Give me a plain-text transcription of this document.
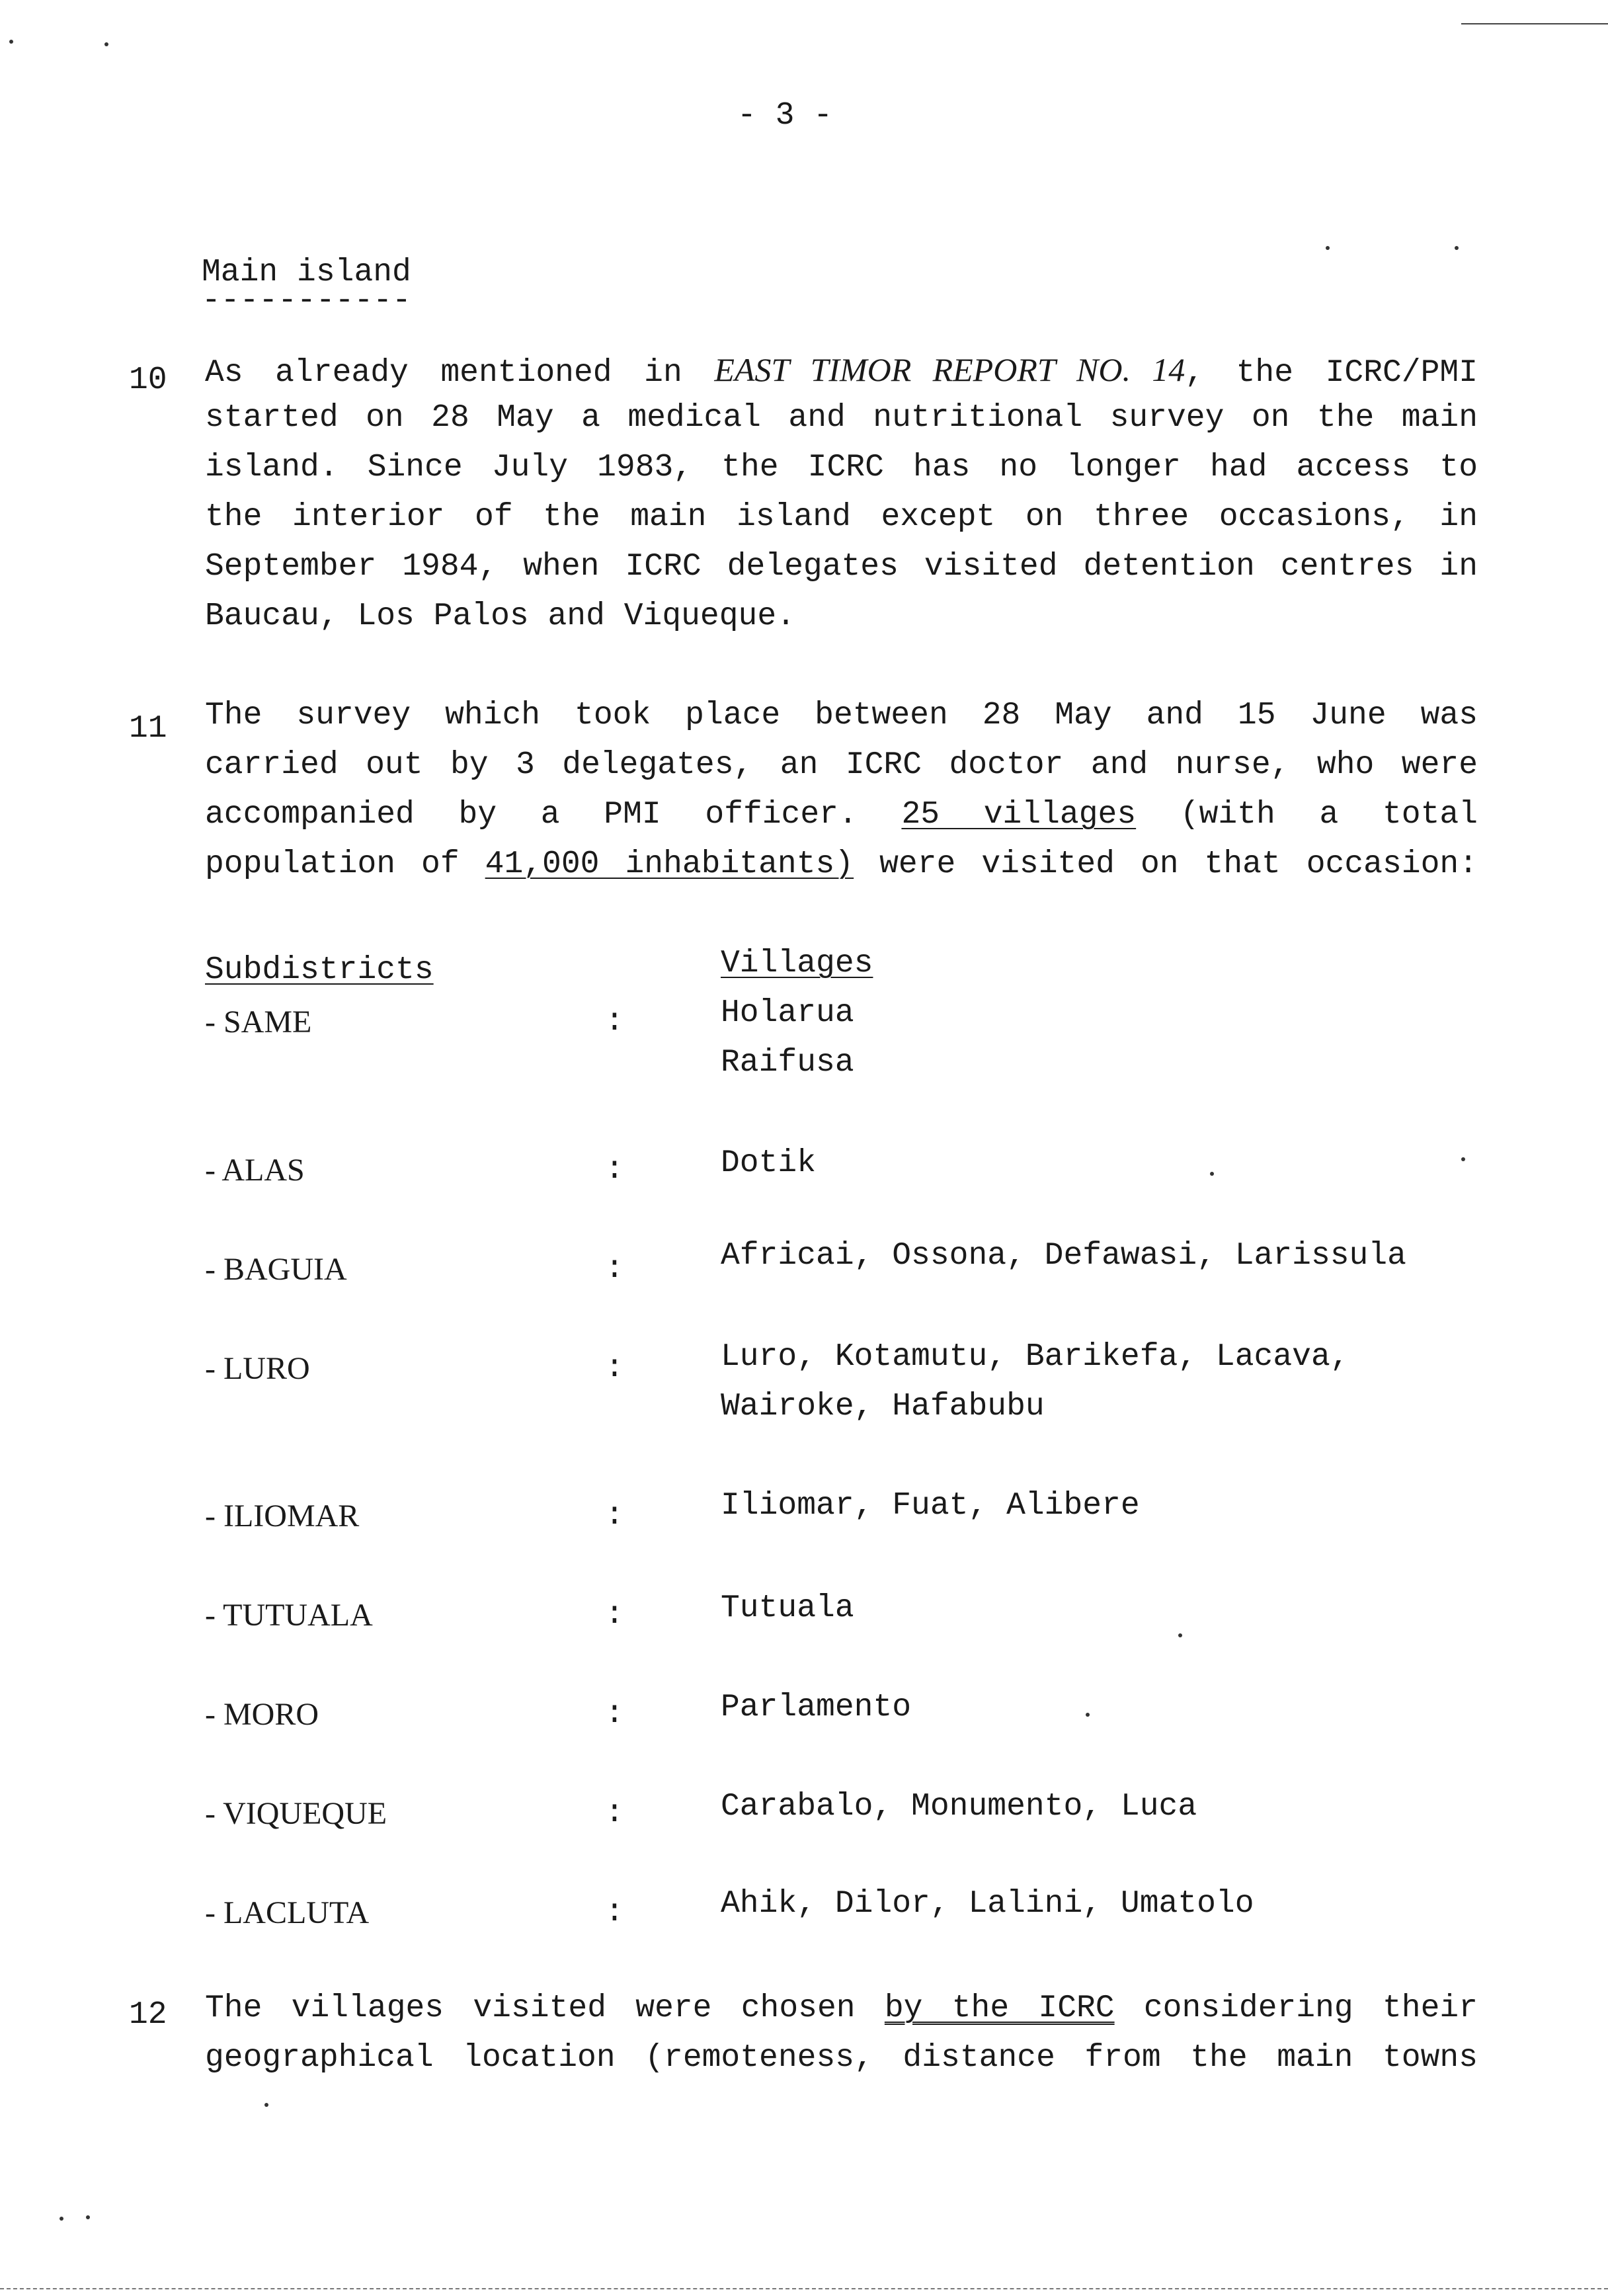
- 3 -
Main island
-----------
10 As already mentioned in EAST TIMOR REPORT NO. 14, the ICRC/PMI
started on 28 May a medical and nutritional survey on the main
island. Since July 1983, the ICRC has no longer had access to
the interior of the main island except on three occasions, in
September 1984, when ICRC delegates visited detention centres in
Baucau, Los Palos and Viqueque.
11 The survey which took place between 28 May and 15 June was
carried out by 3 delegates, an ICRC doctor and nurse, who were
accompanied by a PMI officer. 25 villages (with a total
population of 41,000 inhabitants) were visited on that occasion:
Subdistricts	Villages
- SAME	:	Holarua
Raifusa
- ALAS	:	Dotik
- BAGUIA	:	Africai, Ossona, Defawasi, Larissula
- LURO	:	Luro, Kotamutu, Barikefa, Lacava,
Wairoke, Hafabubu
- ILIOMAR	:	Iliomar, Fuat, Alibere
- TUTUALA	:	Tutuala
- MORO	:	Parlamento
- VIQUEQUE	:	Carabalo, Monumento, Luca
- LACLUTA	:	Ahik, Dilor, Lalini, Umatolo
12 The villages visited were chosen by the ICRC considering their
geographical location (remoteness, distance from the main towns
